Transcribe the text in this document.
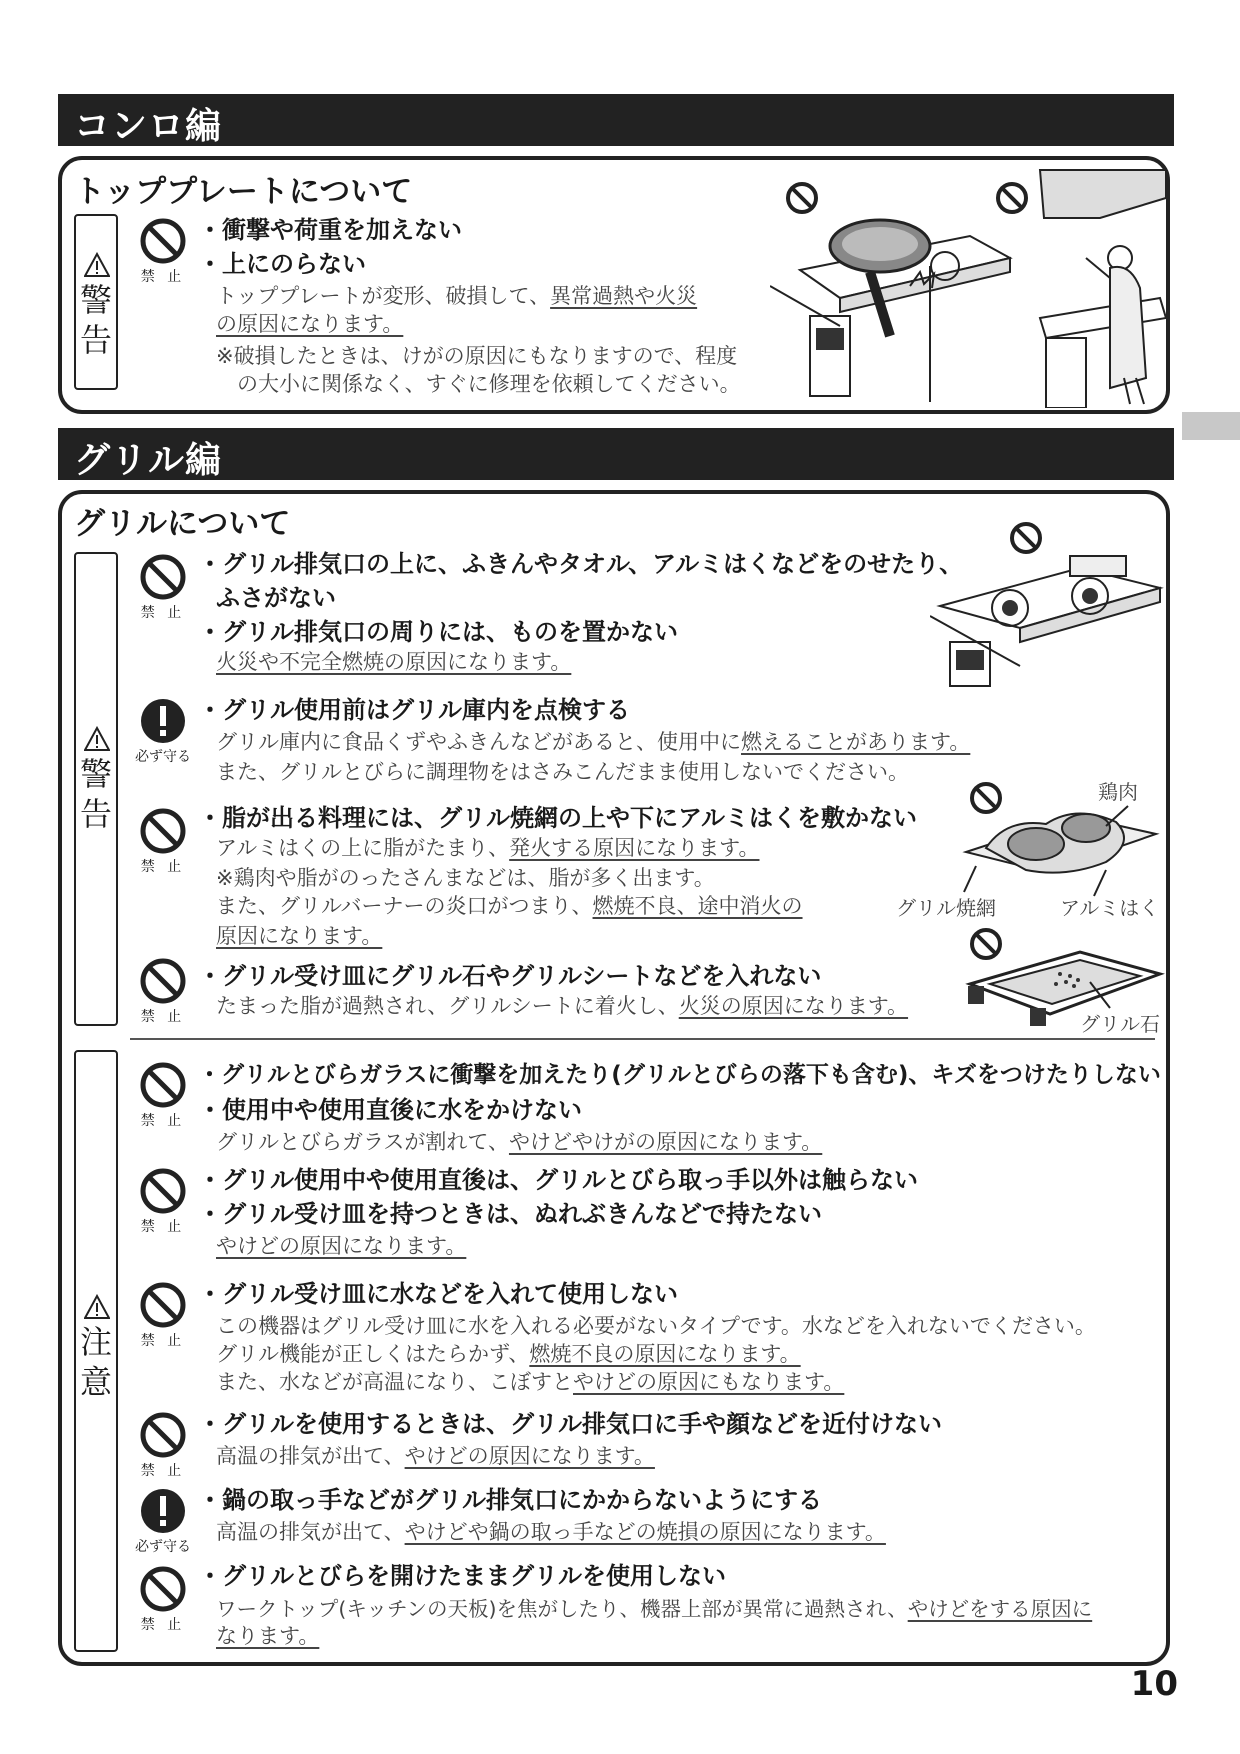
コンロ編
トッププレートについて
警告
禁 止
・衝撃や荷重を加えない
・上にのらない
トッププレートが変形、破損して、異常過熱や火災
の原因になります。
※破損したときは、けがの原因にもなりますので、程度
　の大小に関係なく、すぐに修理を依頼してください。
グリル編
グリルについて
警告
禁 止
・グリル排気口の上に、ふきんやタオル、アルミはくなどをのせたり、
ふさがない
・グリル排気口の周りには、ものを置かない
火災や不完全燃焼の原因になります。
必ず守る
・グリル使用前はグリル庫内を点検する
グリル庫内に食品くずやふきんなどがあると、使用中に燃えることがあります。
また、グリルとびらに調理物をはさみこんだまま使用しないでください。
禁 止
・脂が出る料理には、グリル焼網の上や下にアルミはくを敷かない
アルミはくの上に脂がたまり、発火する原因になります。
※鶏肉や脂がのったさんまなどは、脂が多く出ます。
また、グリルバーナーの炎口がつまり、燃焼不良、途中消火の
原因になります。
鶏肉
グリル焼網	アルミはく
禁 止
・グリル受け皿にグリル石やグリルシートなどを入れない
たまった脂が過熱され、グリルシートに着火し、火災の原因になります。
グリル石
注意
禁 止
・グリルとびらガラスに衝撃を加えたり(グリルとびらの落下も含む)、キズをつけたりしない
・使用中や使用直後に水をかけない
グリルとびらガラスが割れて、やけどやけがの原因になります。
禁 止
・グリル使用中や使用直後は、グリルとびら取っ手以外は触らない
・グリル受け皿を持つときは、ぬれぶきんなどで持たない
やけどの原因になります。
禁 止
・グリル受け皿に水などを入れて使用しない
この機器はグリル受け皿に水を入れる必要がないタイプです。水などを入れないでください。
グリル機能が正しくはたらかず、燃焼不良の原因になります。
また、水などが高温になり、こぼすとやけどの原因にもなります。
禁 止
・グリルを使用するときは、グリル排気口に手や顔などを近付けない
高温の排気が出て、やけどの原因になります。
必ず守る
・鍋の取っ手などがグリル排気口にかからないようにする
高温の排気が出て、やけどや鍋の取っ手などの焼損の原因になります。
禁 止
・グリルとびらを開けたままグリルを使用しない
ワークトップ(キッチンの天板)を焦がしたり、機器上部が異常に過熱され、やけどをする原因に
なります。
10
